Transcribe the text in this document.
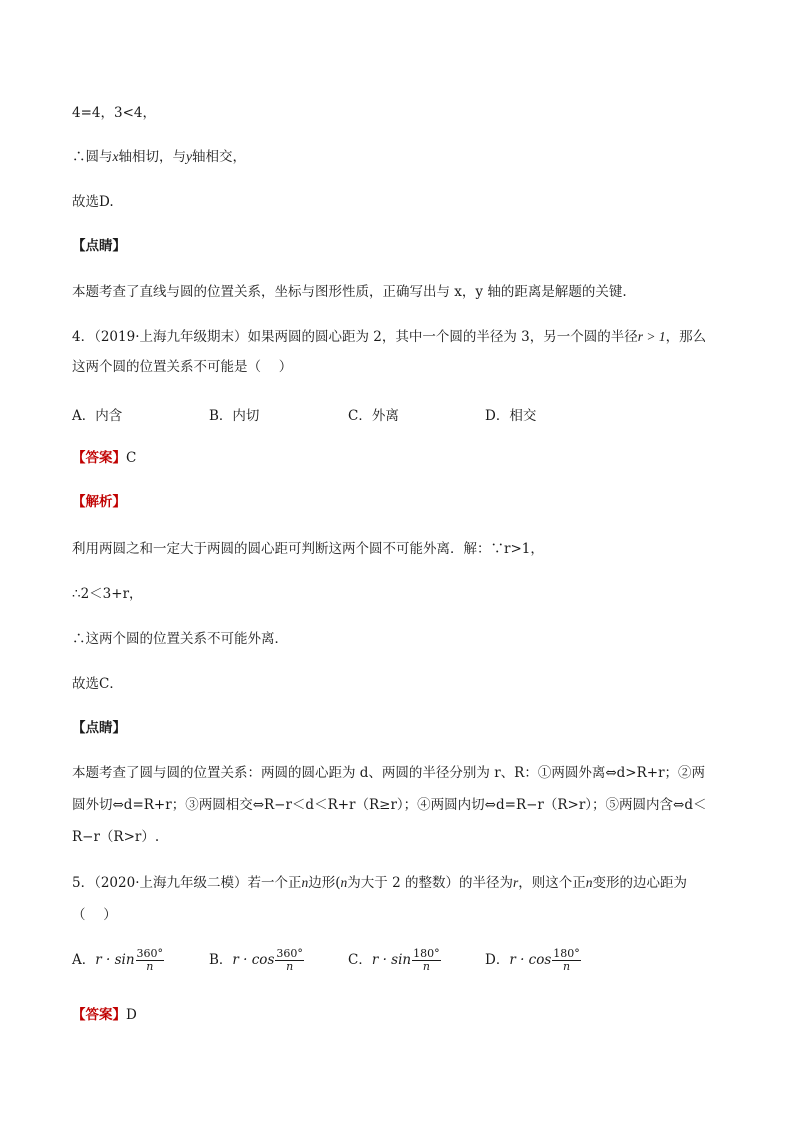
4=4，3<4，
∴圆与x轴相切，与y轴相交，
故选D.
【点睛】
本题考查了直线与圆的位置关系，坐标与图形性质，正确写出与 x，y 轴的距离是解题的关键.
4．（2019·上海九年级期末）如果两圆的圆心距为 2，其中一个圆的半径为 3，另一个圆的半径r > 1，那么
这两个圆的位置关系不可能是（　 ）
A．内含	B．内切	C．外离	D．相交
【答案】C
【解析】
利用两圆之和一定大于两圆的圆心距可判断这两个圆不可能外离．解：∵r>1，
∴2＜3+r，
∴这两个圆的位置关系不可能外离．
故选C．
【点睛】
本题考查了圆与圆的位置关系：两圆的圆心距为 d、两圆的半径分别为 r、R：①两圆外离⇔d>R+r；②两
圆外切⇔d=R+r；③两圆相交⇔R−r＜d＜R+r（R≥r）；④两圆内切⇔d=R−r（R>r）；⑤两圆内含⇔d＜
R−r（R>r）.
5．（2020·上海九年级二模）若一个正n边形(n为大于 2 的整数）的半径为r，则这个正n变形的边心距为
（　 ）
A．$r \cdot \sin \frac{360^\circ}{n}$	B．$r \cdot \cos \frac{360^\circ}{n}$	C．$r \cdot \sin \frac{180^\circ}{n}$	D．$r \cdot \cos \frac{180^\circ}{n}$
【答案】D
